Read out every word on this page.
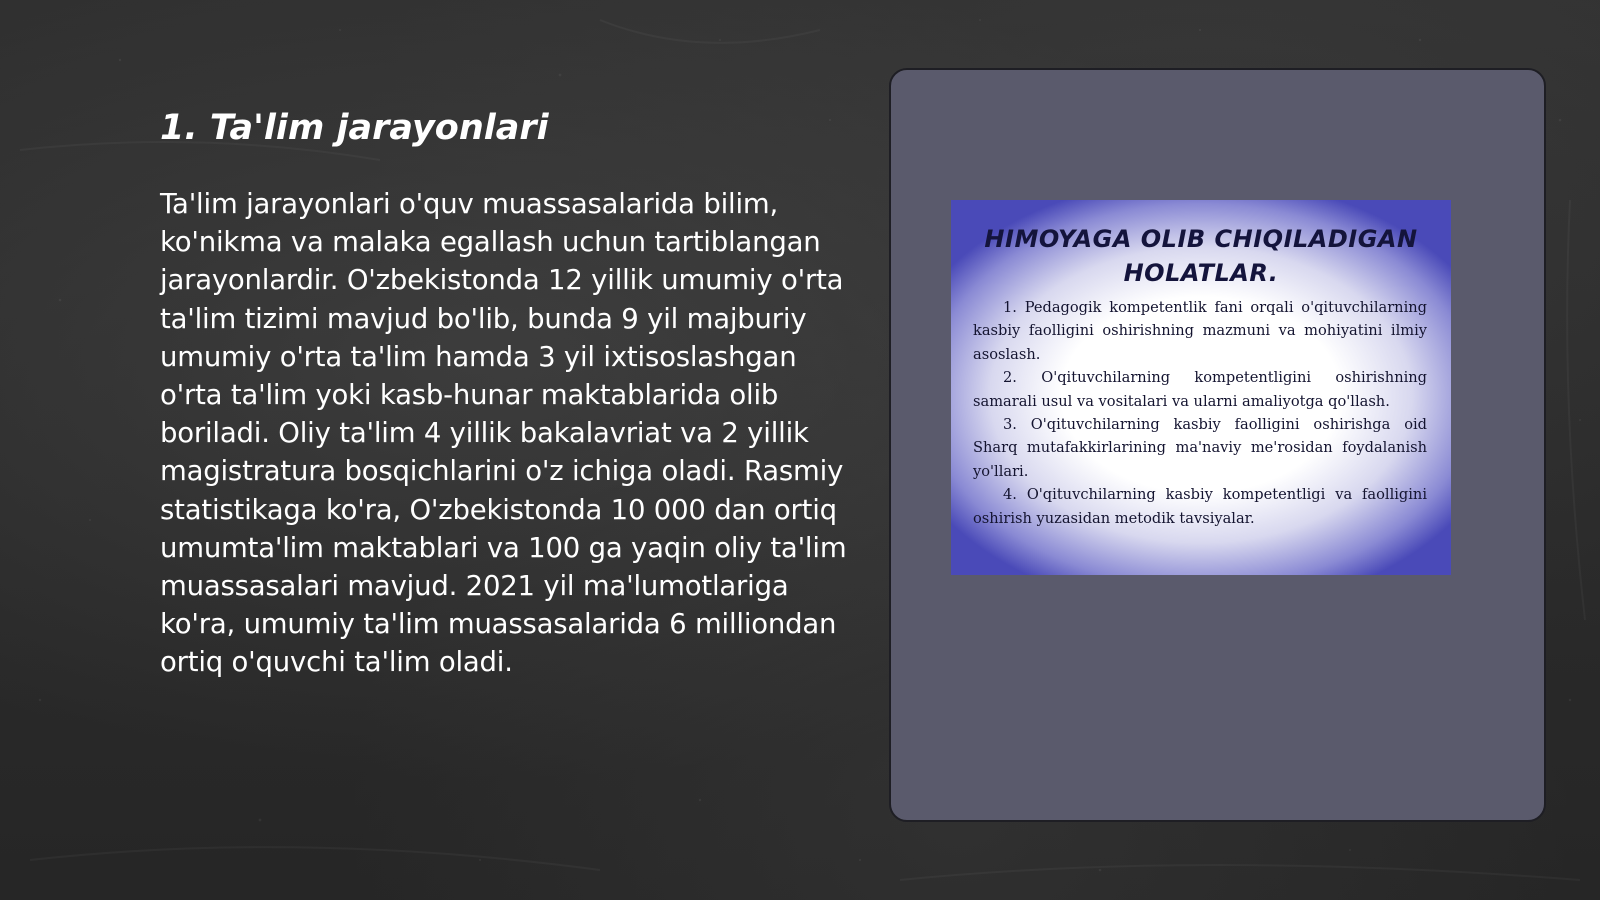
1. Ta'lim jarayonlari

Ta'lim jarayonlari o'quv muassasalarida bilim, ko'nikma va malaka egallash uchun tartiblangan jarayonlardir. O'zbekistonda 12 yillik umumiy o'rta ta'lim tizimi mavjud bo'lib, bunda 9 yil majburiy umumiy o'rta ta'lim hamda 3 yil ixtisoslashgan o'rta ta'lim yoki kasb-hunar maktablarida olib boriladi. Oliy ta'lim 4 yillik bakalavriat va 2 yillik magistratura bosqichlarini o'z ichiga oladi. Rasmiy statistikaga ko'ra, O'zbekistonda 10 000 dan ortiq umumta'lim maktablari va 100 ga yaqin oliy ta'lim muassasalari mavjud. 2021 yil ma'lumotlariga ko'ra, umumiy ta'lim muassasalarida 6 milliondan ortiq o'quvchi ta'lim oladi.

HIMOYAGA OLIB CHIQILADIGAN HOLATLAR.
1. Pedagogik kompetentlik fani orqali o'qituvchilarning kasbiy faolligini oshirishning mazmuni va mohiyatini ilmiy asoslash.
2. O'qituvchilarning kompetentligini oshirishning samarali usul va vositalari va ularni amaliyotga qo'llash.
3. O'qituvchilarning kasbiy faolligini oshirishga oid Sharq mutafakkirlarining ma'naviy me'rosidan foydalanish yo'llari.
4. O'qituvchilarning kasbiy kompetentligi va faolligini oshirish yuzasidan metodik tavsiyalar.
